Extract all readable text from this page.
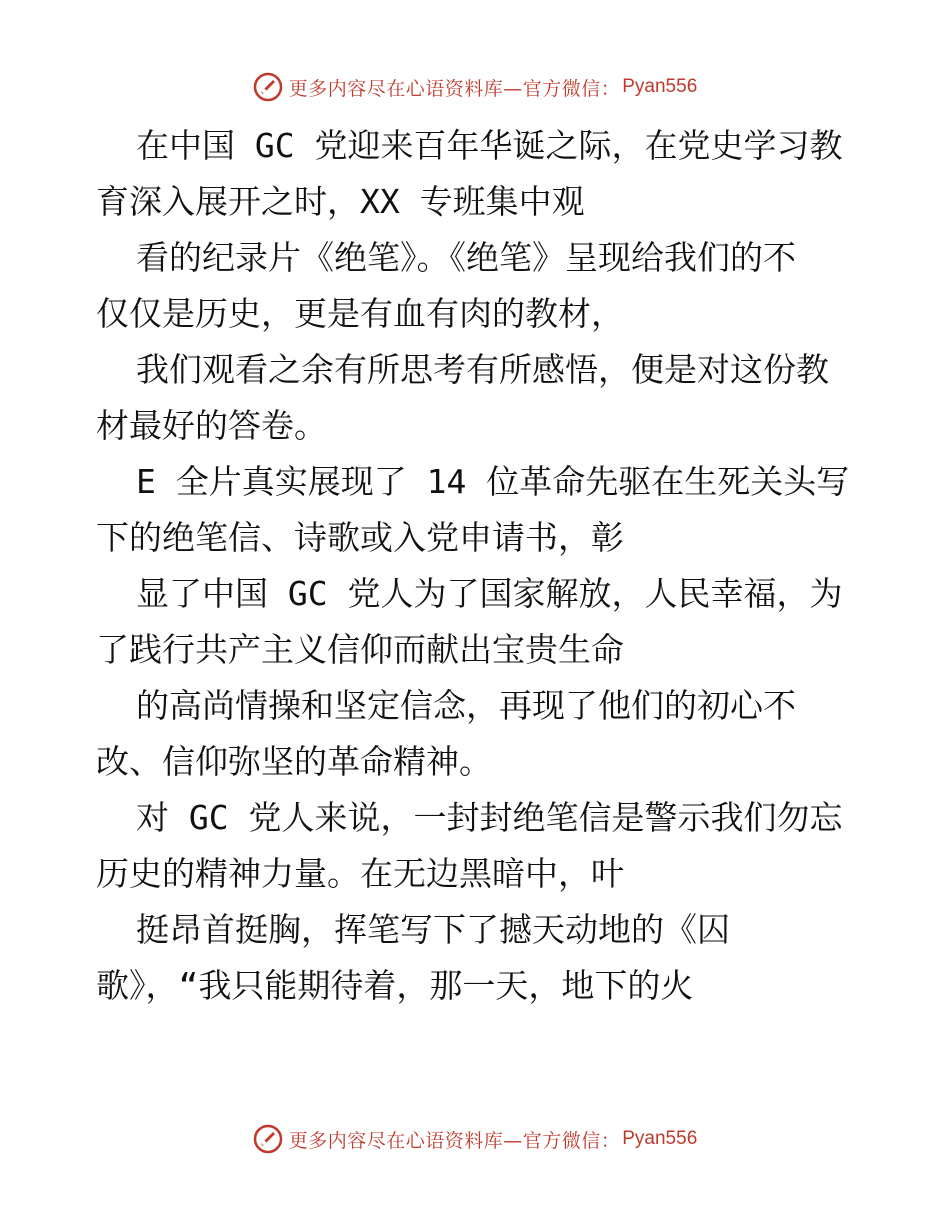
更多内容尽在心语资料库—官方微信： Pyan556
在中国 GC 党迎来百年华诞之际，在党史学习教
育深入展开之时，XX 专班集中观
看的纪录片《绝笔》。《绝笔》呈现给我们的不
仅仅是历史，更是有血有肉的教材，
我们观看之余有所思考有所感悟，便是对这份教
材最好的答卷。
E 全片真实展现了 14 位革命先驱在生死关头写
下的绝笔信、诗歌或入党申请书，彰
显了中国 GC 党人为了国家解放，人民幸福，为
了践行共产主义信仰而献出宝贵生命
的高尚情操和坚定信念，再现了他们的初心不
改、信仰弥坚的革命精神。
对 GC 党人来说，一封封绝笔信是警示我们勿忘
历史的精神力量。在无边黑暗中，叶
挺昂首挺胸，挥笔写下了撼天动地的《囚
歌》，“我只能期待着，那一天，地下的火
更多内容尽在心语资料库—官方微信： Pyan556
